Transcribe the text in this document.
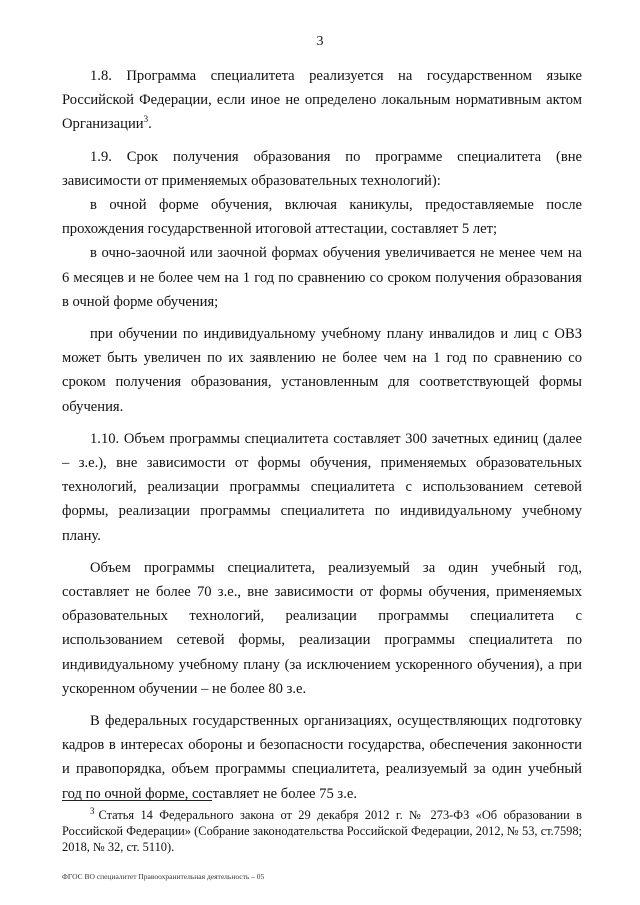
3

1.8. Программа специалитета реализуется на государственном языке Российской Федерации, если иное не определено локальным нормативным актом Организации$^3$.

1.9. Срок получения образования по программе специалитета (вне зависимости от применяемых образовательных технологий):

в очной форме обучения, включая каникулы, предоставляемые после прохождения государственной итоговой аттестации, составляет 5 лет;

в очно-заочной или заочной формах обучения увеличивается не менее чем на 6 месяцев и не более чем на 1 год по сравнению со сроком получения образования в очной форме обучения;

при обучении по индивидуальному учебному плану инвалидов и лиц с ОВЗ может быть увеличен по их заявлению не более чем на 1 год по сравнению со сроком получения образования, установленным для соответствующей формы обучения.

1.10. Объем программы специалитета составляет 300 зачетных единиц (далее – з.е.), вне зависимости от формы обучения, применяемых образовательных технологий, реализации программы специалитета с использованием сетевой формы, реализации программы специалитета по индивидуальному учебному плану.

Объем программы специалитета, реализуемый за один учебный год, составляет не более 70 з.е., вне зависимости от формы обучения, применяемых образовательных технологий, реализации программы специалитета с использованием сетевой формы, реализации программы специалитета по индивидуальному учебному плану (за исключением ускоренного обучения), а при ускоренном обучении – не более 80 з.е.

В федеральных государственных организациях, осуществляющих подготовку кадров в интересах обороны и безопасности государства, обеспечения законности и правопорядка, объем программы специалитета, реализуемый за один учебный год по очной форме, составляет не более 75 з.е.

$^3$ Статья 14 Федерального закона от 29 декабря 2012 г. № 273-ФЗ «Об образовании в Российской Федерации» (Собрание законодательства Российской Федерации, 2012, № 53, ст.7598; 2018, № 32, ст. 5110).
ФГОС ВО специалитет Правоохранительная деятельность – 05
